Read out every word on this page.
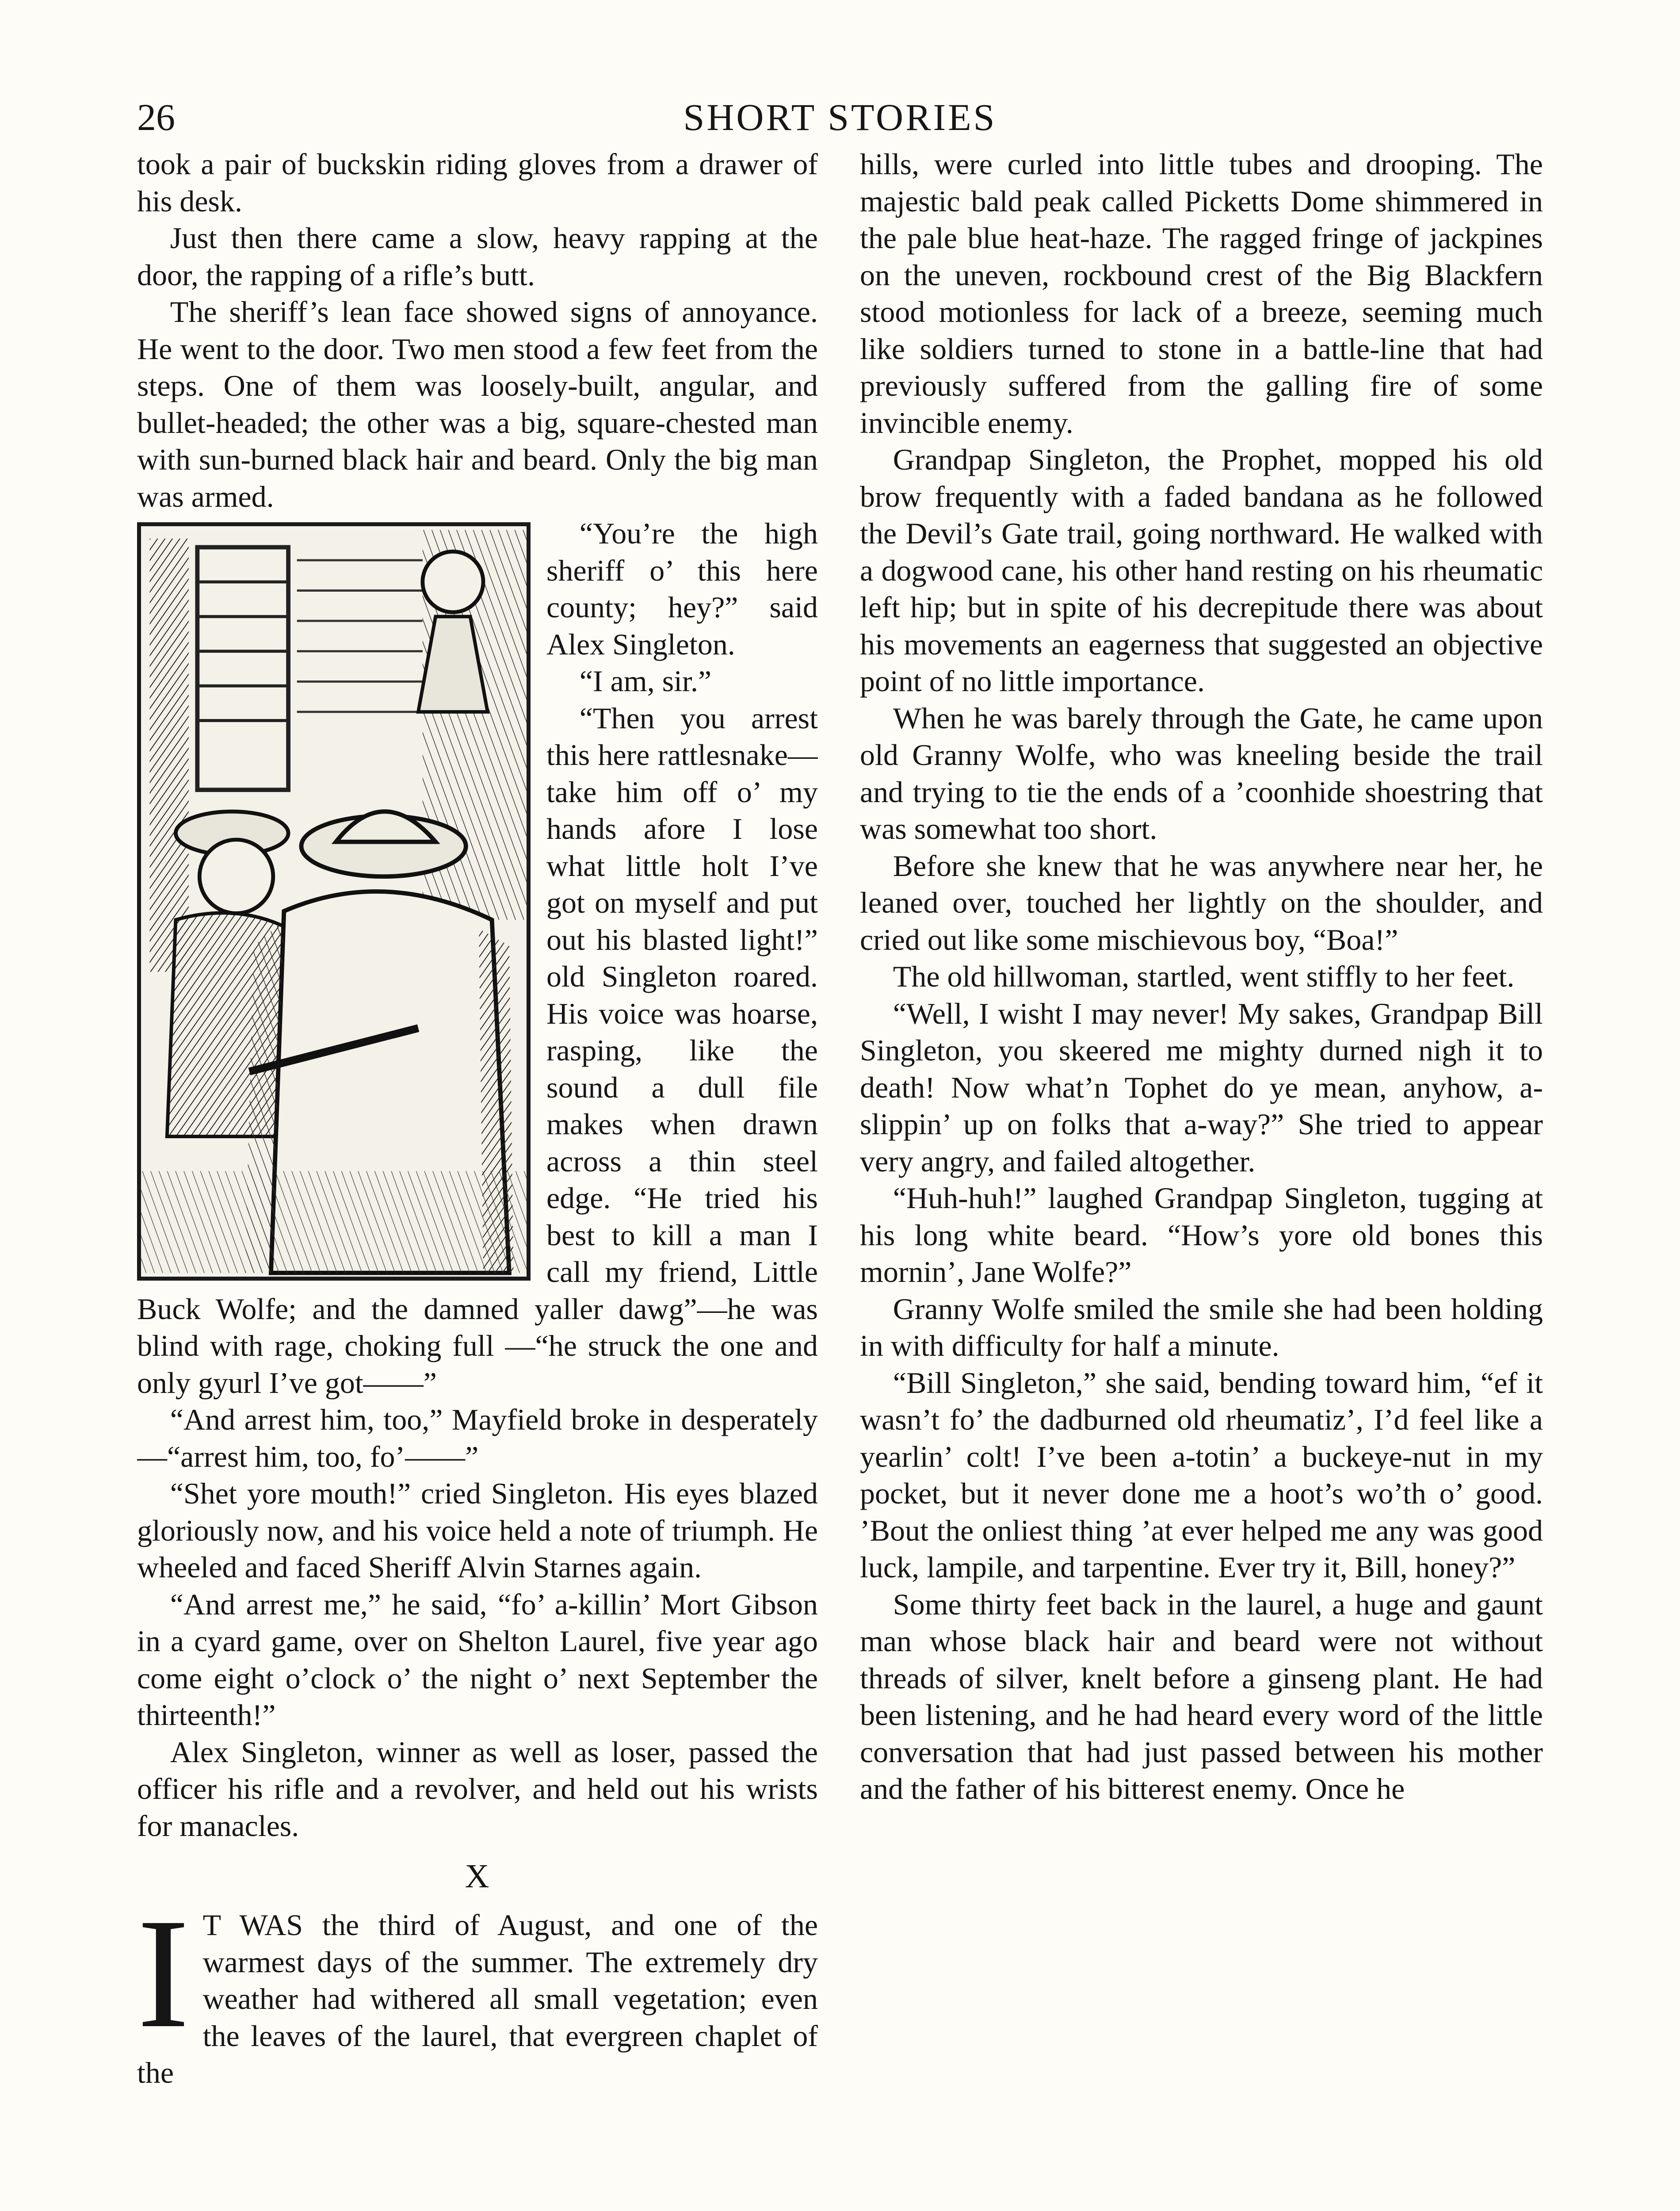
26	SHORT STORIES

took a pair of buckskin riding gloves from a drawer of his desk.

Just then there came a slow, heavy rapping at the door, the rapping of a rifle’s butt.

The sheriff’s lean face showed signs of annoyance. He went to the door. Two men stood a few feet from the steps. One of them was loosely-built, angular, and bullet-headed; the other was a big, square-chested man with sun-burned black hair and beard. Only the big man was armed.

“You’re the high sheriff o’ this here county; hey?” said Alex Singleton.

“I am, sir.”

“Then you arrest this here rattlesnake—take him off o’ my hands afore I lose what little holt I’ve got on myself and put out his blasted light!” old Singleton roared. His voice was hoarse, rasping, like the sound a dull file makes when drawn across a thin steel edge. “He tried his best to kill a man I call my friend, Little Buck Wolfe; and the damned yaller dawg”—he was blind with rage, choking full —“he struck the one and only gyurl I’ve got——”

“And arrest him, too,” Mayfield broke in desperately—“arrest him, too, fo’——”

“Shet yore mouth!” cried Singleton. His eyes blazed gloriously now, and his voice held a note of triumph. He wheeled and faced Sheriff Alvin Starnes again.

“And arrest me,” he said, “fo’ a-killin’ Mort Gibson in a cyard game, over on Shelton Laurel, five year ago come eight o’clock o’ the night o’ next September the thirteenth!”

Alex Singleton, winner as well as loser, passed the officer his rifle and a revolver, and held out his wrists for manacles.

X

I T WAS the third of August, and one of the warmest days of the summer. The extremely dry weather had withered all small vegetation; even the leaves of the laurel, that evergreen chaplet of the

hills, were curled into little tubes and drooping. The majestic bald peak called Picketts Dome shimmered in the pale blue heat-haze. The ragged fringe of jackpines on the uneven, rockbound crest of the Big Blackfern stood motionless for lack of a breeze, seeming much like soldiers turned to stone in a battle-line that had previously suffered from the galling fire of some invincible enemy.

Grandpap Singleton, the Prophet, mopped his old brow frequently with a faded bandana as he followed the Devil’s Gate trail, going northward. He walked with a dogwood cane, his other hand resting on his rheumatic left hip; but in spite of his decrepitude there was about his movements an eagerness that suggested an objective point of no little importance.

When he was barely through the Gate, he came upon old Granny Wolfe, who was kneeling beside the trail and trying to tie the ends of a ’coonhide shoestring that was somewhat too short.

Before she knew that he was anywhere near her, he leaned over, touched her lightly on the shoulder, and cried out like some mischievous boy, “Boa!”

The old hillwoman, startled, went stiffly to her feet.

“Well, I wisht I may never! My sakes, Grandpap Bill Singleton, you skeered me mighty durned nigh it to death! Now what’n Tophet do ye mean, anyhow, a-slippin’ up on folks that a-way?” She tried to appear very angry, and failed altogether.

“Huh-huh!” laughed Grandpap Singleton, tugging at his long white beard. “How’s yore old bones this mornin’, Jane Wolfe?”

Granny Wolfe smiled the smile she had been holding in with difficulty for half a minute.

“Bill Singleton,” she said, bending toward him, “ef it wasn’t fo’ the dadburned old rheumatiz’, I’d feel like a yearlin’ colt! I’ve been a-totin’ a buckeye-nut in my pocket, but it never done me a hoot’s wo’th o’ good. ’Bout the onliest thing ’at ever helped me any was good luck, lampile, and tarpentine. Ever try it, Bill, honey?”

Some thirty feet back in the laurel, a huge and gaunt man whose black hair and beard were not without threads of silver, knelt before a ginseng plant. He had been listening, and he had heard every word of the little conversation that had just passed between his mother and the father of his bitterest enemy. Once he
